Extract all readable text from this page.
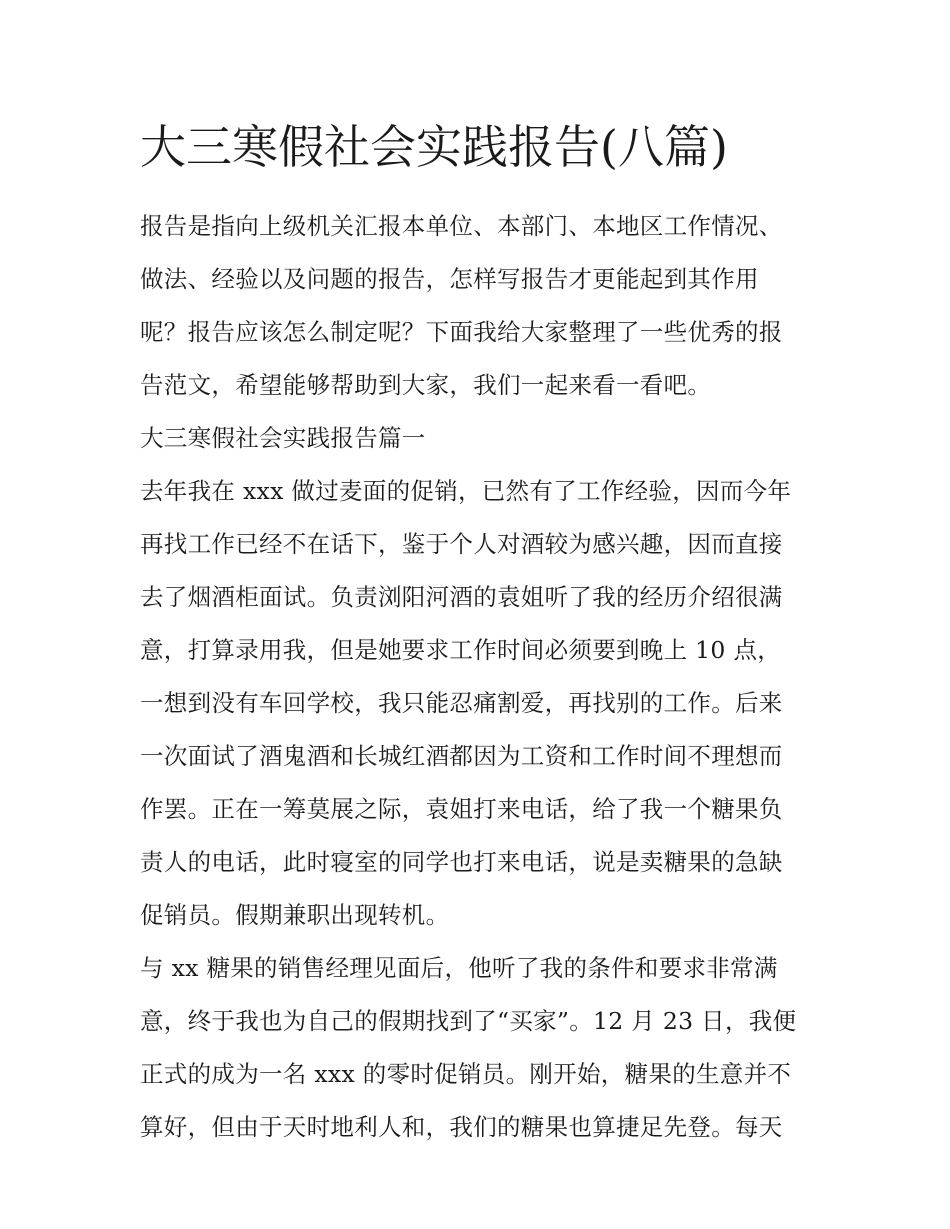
大三寒假社会实践报告(八篇)
报告是指向上级机关汇报本单位、本部门、本地区工作情况、
做法、经验以及问题的报告，怎样写报告才更能起到其作用
呢？报告应该怎么制定呢？下面我给大家整理了一些优秀的报
告范文，希望能够帮助到大家，我们一起来看一看吧。
大三寒假社会实践报告篇一
去年我在 xxx 做过麦面的促销，已然有了工作经验，因而今年
再找工作已经不在话下，鉴于个人对酒较为感兴趣，因而直接
去了烟酒柜面试。负责浏阳河酒的袁姐听了我的经历介绍很满
意，打算录用我，但是她要求工作时间必须要到晚上 10 点，
一想到没有车回学校，我只能忍痛割爱，再找别的工作。后来
一次面试了酒鬼酒和长城红酒都因为工资和工作时间不理想而
作罢。正在一筹莫展之际，袁姐打来电话，给了我一个糖果负
责人的电话，此时寝室的同学也打来电话，说是卖糖果的急缺
促销员。假期兼职出现转机。
与 xx 糖果的销售经理见面后，他听了我的条件和要求非常满
意，终于我也为自己的假期找到了“买家”。12 月 23 日，我便
正式的成为一名 xxx 的零时促销员。刚开始，糖果的生意并不
算好，但由于天时地利人和，我们的糖果也算捷足先登。每天
